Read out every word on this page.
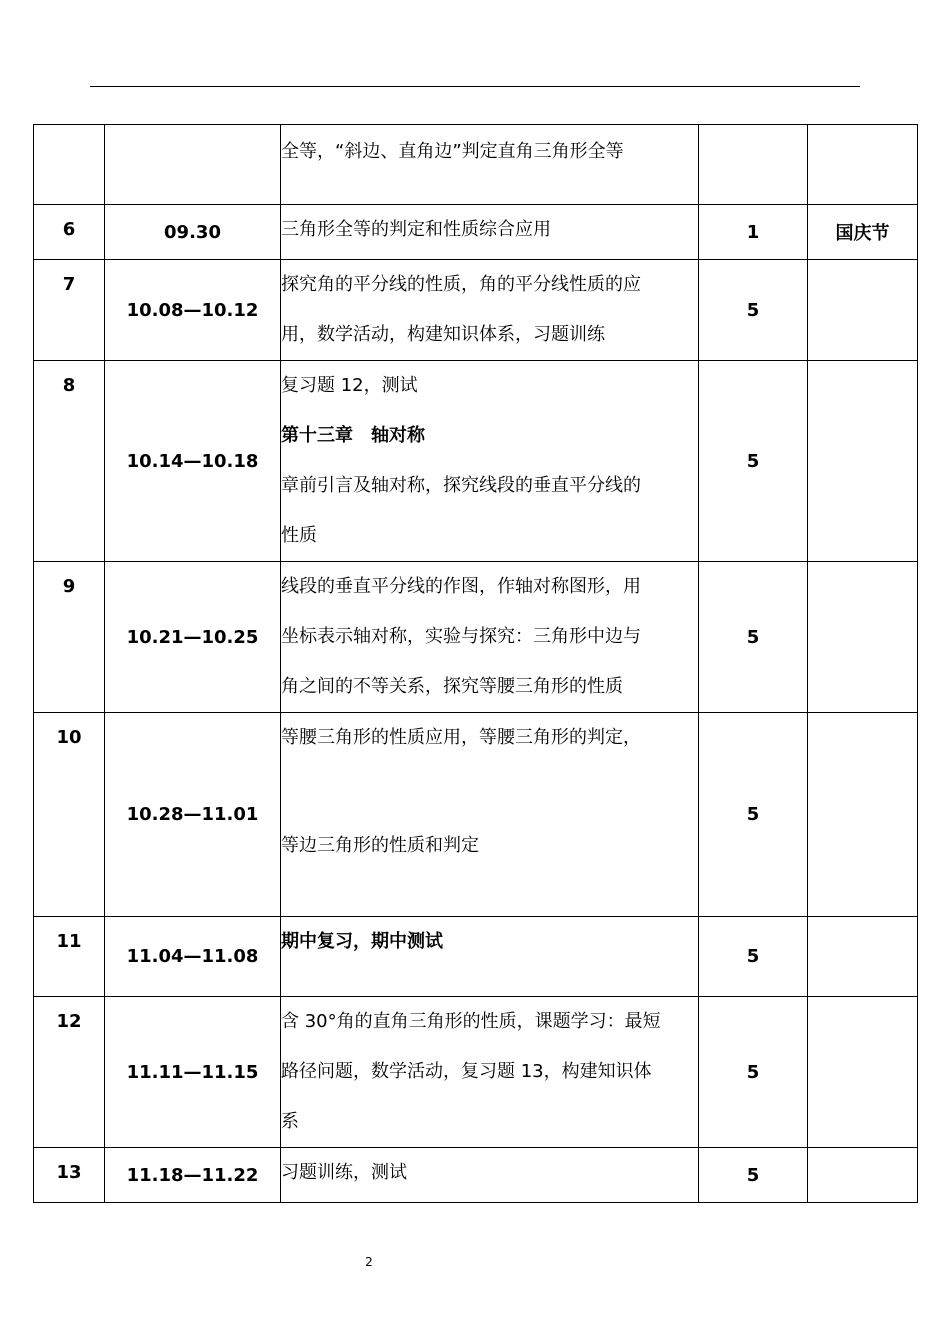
		全等，“斜边、直角边”判定直角三角形全等		

6	09.30	三角形全等的判定和性质综合应用	1	国庆节

7	10.08—10.12	探究角的平分线的性质，角的平分线性质的应
用，数学活动，构建知识体系，习题训练	5	

8	10.14—10.18	复习题 12，测试
第十三章　轴对称
章前引言及轴对称，探究线段的垂直平分线的
性质	5	

9	10.21—10.25	线段的垂直平分线的作图，作轴对称图形，用
坐标表示轴对称，实验与探究：三角形中边与
角之间的不等关系，探究等腰三角形的性质	5	

10	10.28—11.01	等腰三角形的性质应用，等腰三角形的判定，
等边三角形的性质和判定	5	

11	11.04—11.08	期中复习，期中测试	5	

12	11.11—11.15	含 30°角的直角三角形的性质，课题学习：最短
路径问题，数学活动，复习题 13，构建知识体
系	5	

13	11.18—11.22	习题训练，测试	5	
2
